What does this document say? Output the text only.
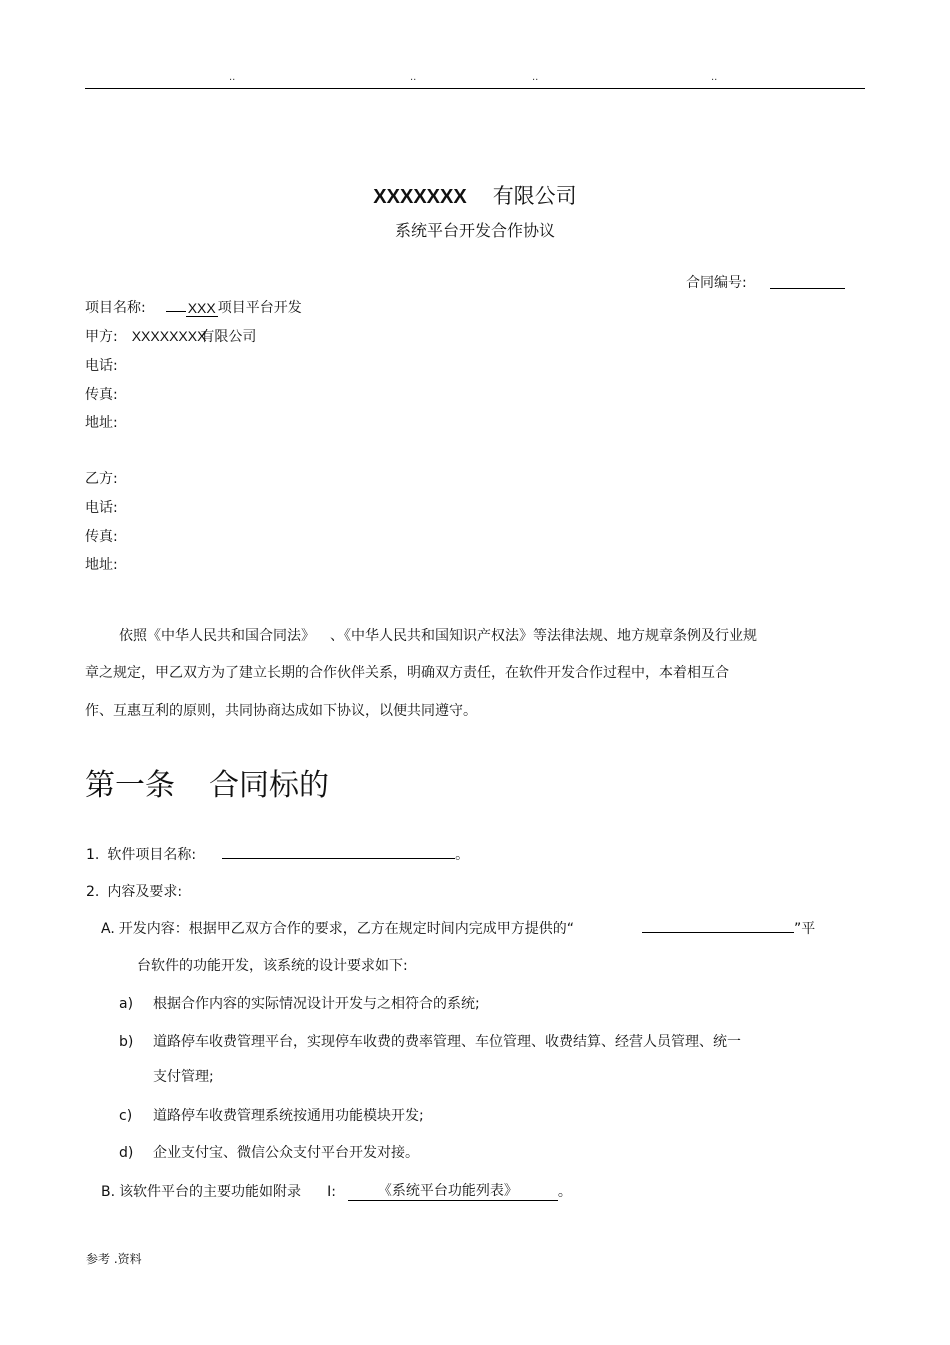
..	..	..	..
XXXXXXX 有限公司
系统平台开发合作协议
合同编号:
项目名称:	XXX 项目平台开发
甲方: XXXXXXXX有限公司
电话:
传真:
地址:
乙方:
电话:
传真:
地址:
依照《中华人民共和国合同法》 、《中华人民共和国知识产权法》等法律法规、地方规章条例及行业规
章之规定，甲乙双方为了建立长期的合作伙伴关系，明确双方责任，在软件开发合作过程中，本着相互合
作、互惠互利的原则，共同协商达成如下协议，以便共同遵守。
第一条 合同标的
1. 软件项目名称:	。
2. 内容及要求:
A. 开发内容：根据甲乙双方合作的要求，乙方在规定时间内完成甲方提供的“	”平
台软件的功能开发，该系统的设计要求如下:
a) 根据合作内容的实际情况设计开发与之相符合的系统;
b) 道路停车收费管理平台，实现停车收费的费率管理、车位管理、收费结算、经营人员管理、统一
支付管理;
c) 道路停车收费管理系统按通用功能模块开发;
d) 企业支付宝、微信公众支付平台开发对接。
B. 该软件平台的主要功能如附录 I:	《系统平台功能列表》	。
参考 .资料
